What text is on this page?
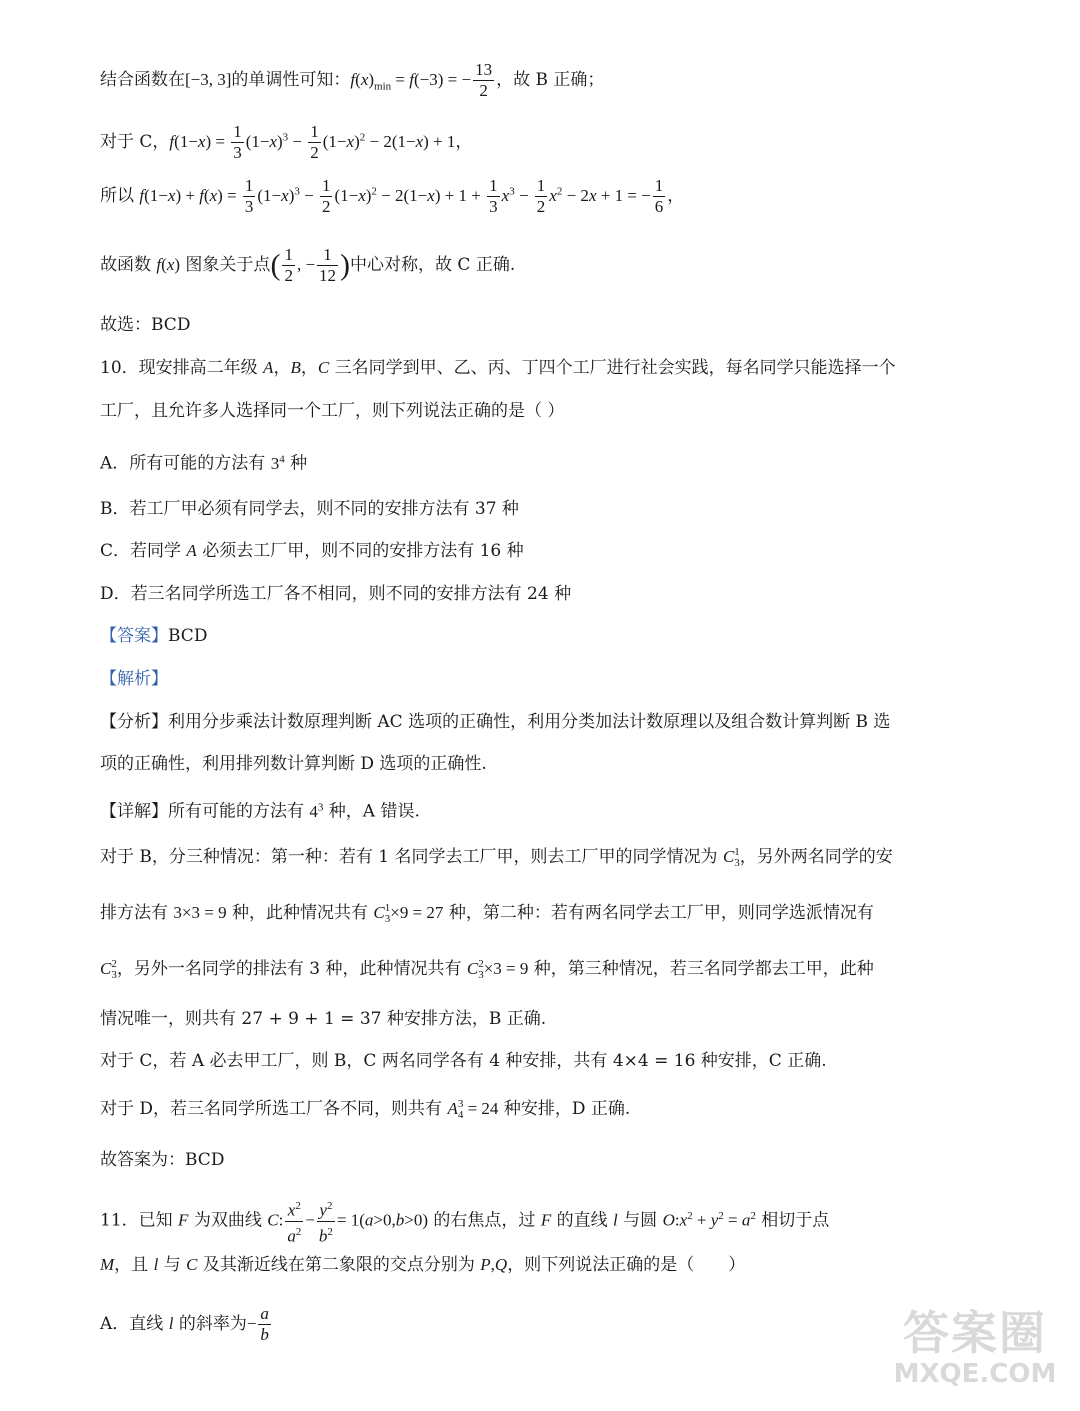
结合函数在[−3, 3]的单调性可知：$f(x)_{min} = f(-3)$ = − $\frac{13}{2}$ ，故 B 正确；
对于 C，$f(1-x) = \frac{1}{3} (1-x)^3 - \frac{1}{2} (1-x)^2 - 2(1-x) + 1$，
所以 $f(1-x) + f(x) = \frac{1}{3} (1-x)^3 - \frac{1}{2} (1-x)^2 - 2(1-x) + 1 + \frac{1}{3} x^3 - \frac{1}{2} x^2 - 2x + 1$ = − $\frac{1}{6}$ ，
故函数 f(x) 图象关于点( $\frac{1}{2}$ , − $\frac{1}{12}$ )中心对称，故 C 正确.
故选：BCD
10．现安排高二年级 A，B，C 三名同学到甲、乙、丙、丁四个工厂进行社会实践，每名同学只能选择一个
工厂，且允许多人选择同一个工厂，则下列说法正确的是（ ）
A．所有可能的方法有 $3^4$ 种
B．若工厂甲必须有同学去，则不同的安排方法有 37 种
C．若同学 A 必须去工厂甲，则不同的安排方法有 16 种
D．若三名同学所选工厂各不相同，则不同的安排方法有 24 种
【答案】BCD
【解析】
【分析】利用分步乘法计数原理判断 AC 选项的正确性，利用分类加法计数原理以及组合数计算判断 B 选
项的正确性，利用排列数计算判断 D 选项的正确性.
【详解】所有可能的方法有 $4^3$ 种，A 错误.
对于 B，分三种情况：第一种：若有 1 名同学去工厂甲，则去工厂甲的同学情况为 C1
3，另外两名同学的安
排方法有 3×3 = 9 种，此种情况共有 C1
3×9 = 27 种，第二种：若有两名同学去工厂甲，则同学选派情况有
C2
3，另外一名同学的排法有 3 种，此种情况共有 C2
3×3 = 9 种，第三种情况，若三名同学都去工甲，此种
情况唯一，则共有 27 + 9 + 1 = 37 种安排方法，B 正确.
对于 C，若 A 必去甲工厂，则 B，C 两名同学各有 4 种安排，共有 4×4 = 16 种安排，C 正确.
对于 D，若三名同学所选工厂各不同，则共有 A3
4 = 24 种安排，D 正确.
故答案为：BCD
11．已知 F 为双曲线 C: $\frac{x^2}{a^2} - \frac{y^2}{b^2} = 1(a>0,b>0)$ 的右焦点，过 F 的直线 l 与圆 $O:x^2 + y^2 = a^2$ 相切于点
M，且 l 与 C 及其渐近线在第二象限的交点分别为 P,Q，则下列说法正确的是（　　）
A．直线 l 的斜率为− $\frac{a}{b}$	答案圈
MXQE.COM
